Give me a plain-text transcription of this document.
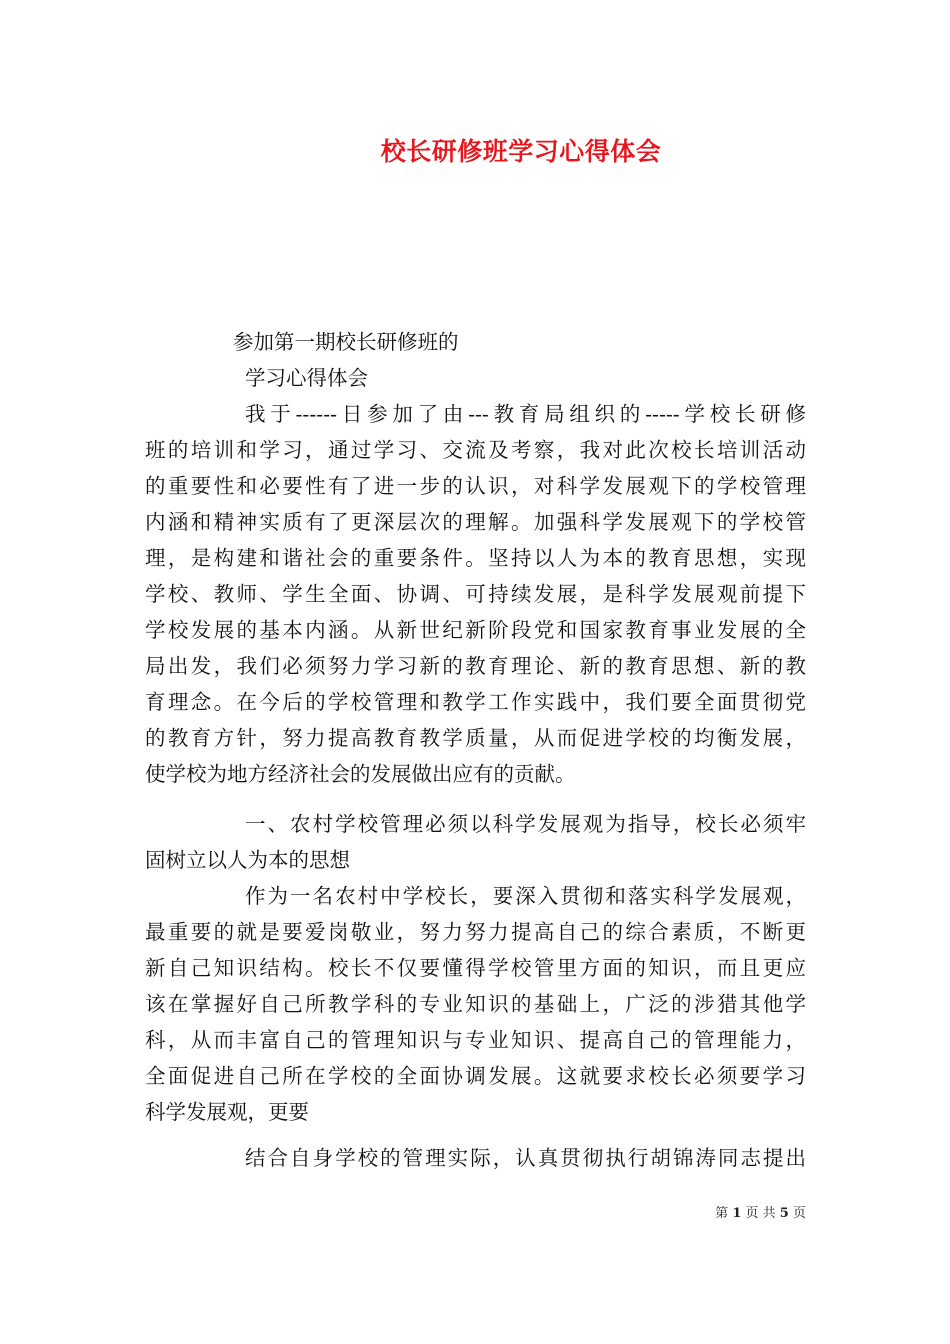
校长研修班学习心得体会

参加第一期校长研修班的

学习心得体会

我于------日参加了由---教育局组织的-----学校长研修

班的培训和学习，通过学习、交流及考察，我对此次校长培训活动

的重要性和必要性有了进一步的认识，对科学发展观下的学校管理

内涵和精神实质有了更深层次的理解。加强科学发展观下的学校管

理，是构建和谐社会的重要条件。坚持以人为本的教育思想，实现

学校、教师、学生全面、协调、可持续发展，是科学发展观前提下

学校发展的基本内涵。从新世纪新阶段党和国家教育事业发展的全

局出发，我们必须努力学习新的教育理论、新的教育思想、新的教

育理念。在今后的学校管理和教学工作实践中，我们要全面贯彻党

的教育方针，努力提高教育教学质量，从而促进学校的均衡发展，

使学校为地方经济社会的发展做出应有的贡献。

一、农村学校管理必须以科学发展观为指导，校长必须牢

固树立以人为本的思想

作为一名农村中学校长，要深入贯彻和落实科学发展观，

最重要的就是要爱岗敬业，努力努力提高自己的综合素质，不断更

新自己知识结构。校长不仅要懂得学校管里方面的知识，而且更应

该在掌握好自己所教学科的专业知识的基础上，广泛的涉猎其他学

科，从而丰富自己的管理知识与专业知识、提高自己的管理能力，

全面促进自己所在学校的全面协调发展。这就要求校长必须要学习

科学发展观，更要

结合自身学校的管理实际，认真贯彻执行胡锦涛同志提出

第 1 页 共 5 页
